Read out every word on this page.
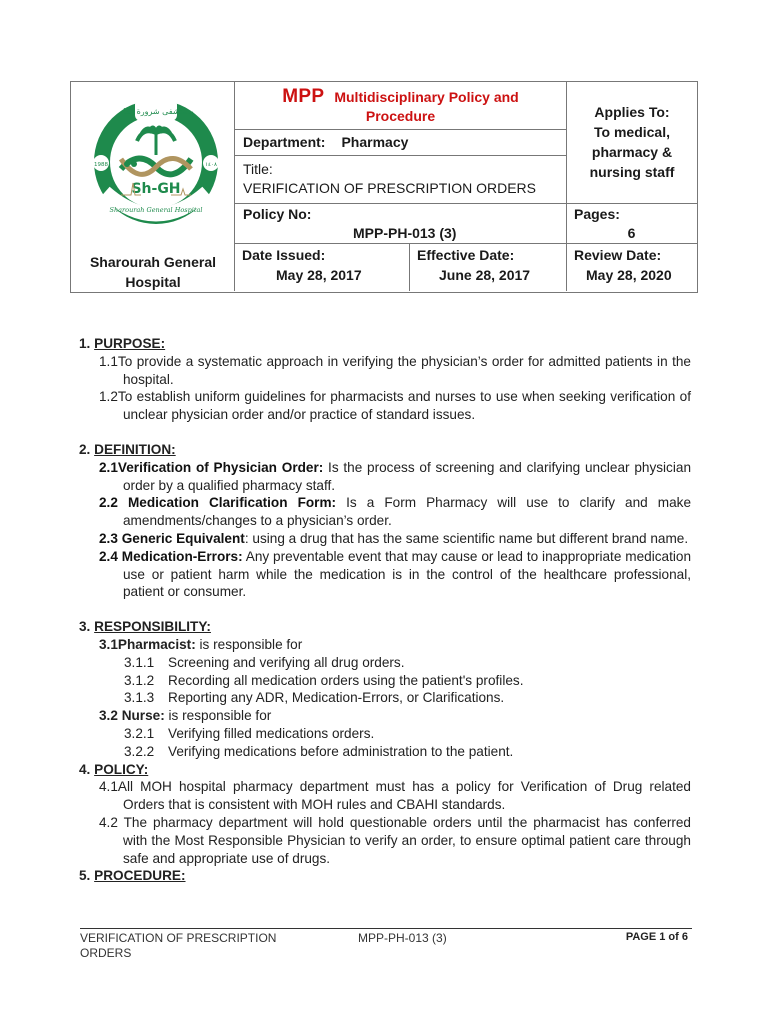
مستشفى شرورة العام
1988	١٤٠٨
Sh-GH
Sharourah General Hospital
Sharourah General Hospital
MPP Multidisciplinary Policy and
Procedure
Department: Pharmacy
Title:
VERIFICATION OF PRESCRIPTION ORDERS
Applies To:
To medical, pharmacy & nursing staff
Policy No:
MPP-PH-013 (3)
Pages:
6
Date Issued:
May 28, 2017
Effective Date:
June 28, 2017
Review Date:
May 28, 2020

1. PURPOSE:

1.1To provide a systematic approach in verifying the physician’s order for admitted patients in the hospital.

1.2To establish uniform guidelines for pharmacists and nurses to use when seeking verification of unclear physician order and/or practice of standard issues.

2. DEFINITION:

2.1Verification of Physician Order: Is the process of screening and clarifying unclear physician order by a qualified pharmacy staff.

2.2 Medication Clarification Form: Is a Form Pharmacy will use to clarify and make amendments/changes to a physician’s order.

2.3 Generic Equivalent: using a drug that has the same scientific name but different brand name.

2.4 Medication-Errors: Any preventable event that may cause or lead to inappropriate medication use or patient harm while the medication is in the control of the healthcare professional, patient or consumer.

3. RESPONSIBILITY:

3.1Pharmacist: is responsible for

3.1.1 Screening and verifying all drug orders.

3.1.2 Recording all medication orders using the patient's profiles.

3.1.3 Reporting any ADR, Medication-Errors, or Clarifications.

3.2 Nurse: is responsible for

3.2.1 Verifying filled medications orders.

3.2.2 Verifying medications before administration to the patient.

4. POLICY:

4.1All MOH hospital pharmacy department must has a policy for Verification of Drug related Orders that is consistent with MOH rules and CBAHI standards.

4.2 The pharmacy department will hold questionable orders until the pharmacist has conferred with the Most Responsible Physician to verify an order, to ensure optimal patient care through safe and appropriate use of drugs.

5. PROCEDURE:

VERIFICATION OF PRESCRIPTION ORDERS
MPP-PH-013 (3)	PAGE 1 of 6
